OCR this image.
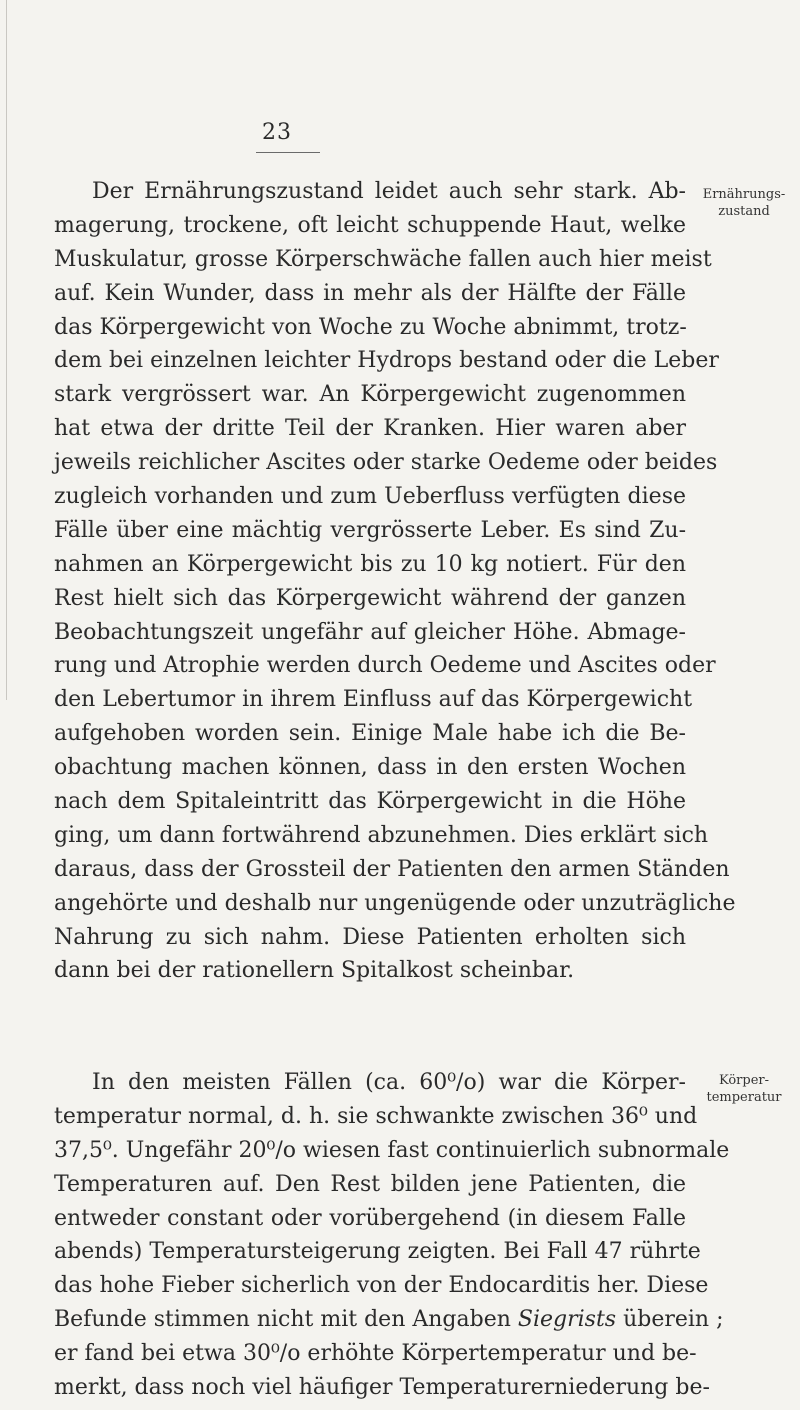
23
Der Ernährungszustand leidet auch sehr stark. Ab-
magerung, trockene, oft leicht schuppende Haut, welke
Muskulatur, grosse Körperschwäche fallen auch hier meist
auf. Kein Wunder, dass in mehr als der Hälfte der Fälle
das Körpergewicht von Woche zu Woche abnimmt, trotz-
dem bei einzelnen leichter Hydrops bestand oder die Leber
stark vergrössert war. An Körpergewicht zugenommen
hat etwa der dritte Teil der Kranken. Hier waren aber
jeweils reichlicher Ascites oder starke Oedeme oder beides
zugleich vorhanden und zum Ueberfluss verfügten diese
Fälle über eine mächtig vergrösserte Leber. Es sind Zu-
nahmen an Körpergewicht bis zu 10 kg notiert. Für den
Rest hielt sich das Körpergewicht während der ganzen
Beobachtungszeit ungefähr auf gleicher Höhe. Abmage-
rung und Atrophie werden durch Oedeme und Ascites oder
den Lebertumor in ihrem Einfluss auf das Körpergewicht
aufgehoben worden sein. Einige Male habe ich die Be-
obachtung machen können, dass in den ersten Wochen
nach dem Spitaleintritt das Körpergewicht in die Höhe
ging, um dann fortwährend abzunehmen. Dies erklärt sich
daraus, dass der Grossteil der Patienten den armen Ständen
angehörte und deshalb nur ungenügende oder unzuträgliche
Nahrung zu sich nahm. Diese Patienten erholten sich
dann bei der rationellern Spitalkost scheinbar.
Ernährungs-
zustand
In den meisten Fällen (ca. 60⁰/o) war die Körper-
temperatur normal, d. h. sie schwankte zwischen 36⁰ und
37,5⁰. Ungefähr 20⁰/o wiesen fast continuierlich subnormale
Temperaturen auf. Den Rest bilden jene Patienten, die
entweder constant oder vorübergehend (in diesem Falle
abends) Temperatursteigerung zeigten. Bei Fall 47 rührte
das hohe Fieber sicherlich von der Endocarditis her. Diese
Befunde stimmen nicht mit den Angaben Siegrists überein ;
er fand bei etwa 30⁰/o erhöhte Körpertemperatur und be-
merkt, dass noch viel häufiger Temperaturerniederung be-
Körper-
temperatur
